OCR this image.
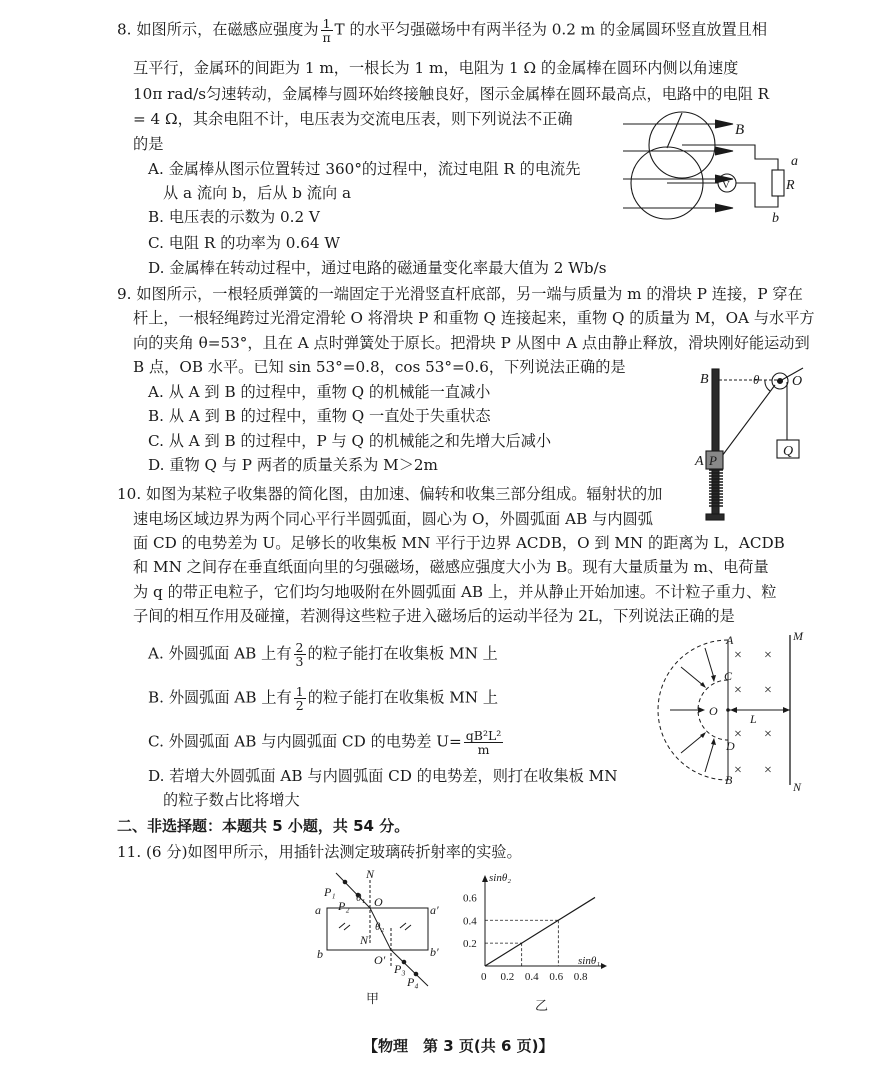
8. 如图所示，在磁感应强度为 $\frac{1}{\pi}$ T 的水平匀强磁场中有两半径为 0.2 m 的金属圆环竖直放置且相
互平行，金属环的间距为 1 m，一根长为 1 m，电阻为 1 Ω 的金属棒在圆环内侧以角速度
10π rad/s匀速转动，金属棒与圆环始终接触良好，图示金属棒在圆环最高点，电路中的电阻 R
= 4 Ω，其余电阻不计，电压表为交流电压表，则下列说法不正确
的是
A. 金属棒从图示位置转过 360°的过程中，流过电阻 R 的电流先
从 a 流向 b，后从 b 流向 a
B. 电压表的示数为 0.2 V
C. 电阻 R 的功率为 0.64 W
D. 金属棒在转动过程中，通过电路的磁通量变化率最大值为 2 Wb/s
B
a
R
b
V
9. 如图所示，一根轻质弹簧的一端固定于光滑竖直杆底部，另一端与质量为 m 的滑块 P 连接，P 穿在
杆上，一根轻绳跨过光滑定滑轮 O 将滑块 P 和重物 Q 连接起来，重物 Q 的质量为 M，OA 与水平方
向的夹角 θ=53°，且在 A 点时弹簧处于原长。把滑块 P 从图中 A 点由静止释放，滑块刚好能运动到
B 点，OB 水平。已知 sin 53°=0.8，cos 53°=0.6，下列说法正确的是
A. 从 A 到 B 的过程中，重物 Q 的机械能一直减小
B. 从 A 到 B 的过程中，重物 Q 一直处于失重状态
C. 从 A 到 B 的过程中，P 与 Q 的机械能之和先增大后减小
D. 重物 Q 与 P 两者的质量关系为 M＞2m
B	θ O
Q
A P
10. 如图为某粒子收集器的简化图，由加速、偏转和收集三部分组成。辐射状的加
速电场区域边界为两个同心平行半圆弧面，圆心为 O，外圆弧面 AB 与内圆弧
面 CD 的电势差为 U。足够长的收集板 MN 平行于边界 ACDB，O 到 MN 的距离为 L，ACDB
和 MN 之间存在垂直纸面向里的匀强磁场，磁感应强度大小为 B。现有大量质量为 m、电荷量
为 q 的带正电粒子，它们均匀地吸附在外圆弧面 AB 上，并从静止开始加速。不计粒子重力、粒
子间的相互作用及碰撞，若测得这些粒子进入磁场后的运动半径为 2L，下列说法正确的是
A. 外圆弧面 AB 上有 $\frac{2}{3}$ 的粒子能打在收集板 MN 上
B. 外圆弧面 AB 上有 $\frac{1}{2}$ 的粒子能打在收集板 MN 上
C. 外圆弧面 AB 与内圆弧面 CD 的电势差 $U= \frac{\text{qB²L²}}{m}$
D. 若增大外圆弧面 AB 与内圆弧面 CD 的电势差，则打在收集板 MN
的粒子数占比将增大
A
C
O
L
D
B
M
N
× ×
× ×
× ×
× ×
二、非选择题：本题共 5 小题，共 54 分。
11. (6 分)如图甲所示，用插针法测定玻璃砖折射率的实验。
P₁
P₂
N
θ₁ O
a	a′
θ₂
N′
b	b′
O′
P₃
P₄
甲
0 0.2 0.4 0.6 0.8
0.2
0.4
0.6
sinθ₂
sinθ₁
乙
【物理　第 3 页(共 6 页)】
